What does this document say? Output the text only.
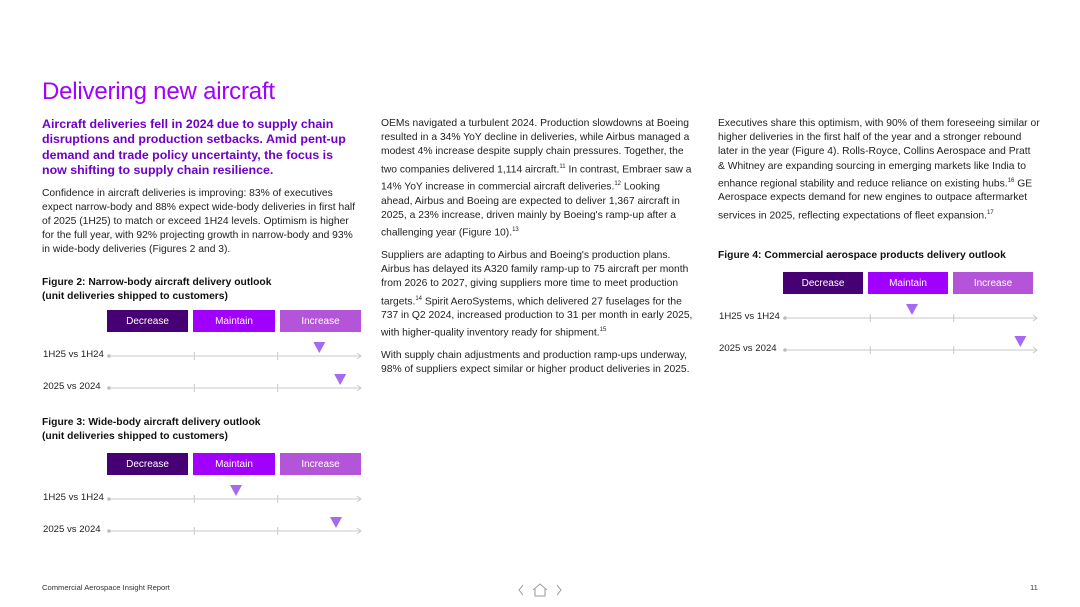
Delivering new aircraft

Aircraft deliveries fell in 2024 due to supply chain disruptions and production setbacks. Amid pent-up demand and trade policy uncertainty, the focus is now shifting to supply chain resilience.

Confidence in aircraft deliveries is improving: 83% of executives expect narrow-body and 88% expect wide-body deliveries in first half of 2025 (1H25) to match or exceed 1H24 levels. Optimism is higher for the full year, with 92% projecting growth in narrow-body and 93% in wide-body deliveries (Figures 2 and 3).

Figure 2: Narrow-body aircraft delivery outlook
(unit deliveries shipped to customers)
Decrease	Maintain	Increase
1H25 vs 1H24
2025 vs 2024
Figure 3: Wide-body aircraft delivery outlook
(unit deliveries shipped to customers)
Decrease	Maintain	Increase
1H25 vs 1H24
2025 vs 2024

OEMs navigated a turbulent 2024. Production slowdowns at Boeing resulted in a 34% YoY decline in deliveries, while Airbus managed a modest 4% increase despite supply chain pressures. Together, the two companies delivered 1,114 aircraft.$^{11}$ In contrast, Embraer saw a 14% YoY increase in commercial aircraft deliveries.$^{12}$ Looking ahead, Airbus and Boeing are expected to deliver 1,367 aircraft in 2025, a 23% increase, driven mainly by Boeing's ramp-up after a challenging year (Figure 10).$^{13}$

Suppliers are adapting to Airbus and Boeing's production plans. Airbus has delayed its A320 family ramp-up to 75 aircraft per month from 2026 to 2027, giving suppliers more time to meet production targets.$^{14}$ Spirit AeroSystems, which delivered 27 fuselages for the 737 in Q2 2024, increased production to 31 per month in early 2025, with higher-quality inventory ready for shipment.$^{15}$

With supply chain adjustments and production ramp-ups underway, 98% of suppliers expect similar or higher product deliveries in 2025.

Executives share this optimism, with 90% of them foreseeing similar or higher deliveries in the first half of the year and a stronger rebound later in the year (Figure 4). Rolls-Royce, Collins Aerospace and Pratt & Whitney are expanding sourcing in emerging markets like India to enhance regional stability and reduce reliance on existing hubs.$^{16}$ GE Aerospace expects demand for new engines to outpace aftermarket services in 2025, reflecting expectations of fleet expansion.$^{17}$

Figure 4: Commercial aerospace products delivery outlook
Decrease	Maintain	Increase
1H25 vs 1H24
2025 vs 2024
Commercial Aerospace Insight Report	11
